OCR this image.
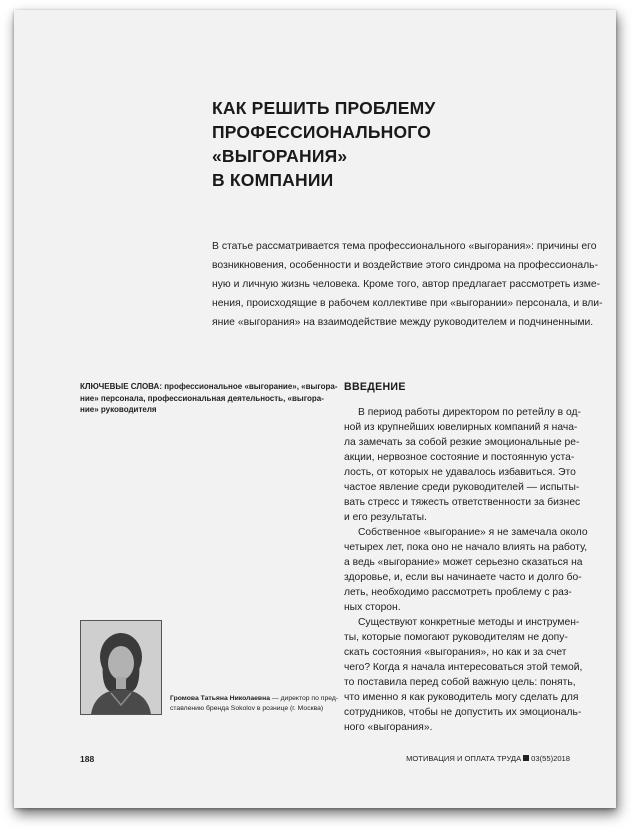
КАК РЕШИТЬ ПРОБЛЕМУ
ПРОФЕССИОНАЛЬНОГО «ВЫГОРАНИЯ»
В КОМПАНИИ

В статье рассматривается тема профессионального «выгорания»: причины его
возникновения, особенности и воздействие этого синдрома на профессиональ-
ную и личную жизнь человека. Кроме того, автор предлагает рассмотреть изме-
нения, происходящие в рабочем коллективе при «выгорании» персонала, и вли-
яние «выгорания» на взаимодействие между руководителем и подчиненными.

КЛЮЧЕВЫЕ СЛОВА: профессиональное «выгорание», «выгора-
ние» персонала, профессиональная деятельность, «выгора-
ние» руководителя
ВВЕДЕНИЕ
В период работы директором по ретейлу в од-
ной из крупнейших ювелирных компаний я нача-
ла замечать за собой резкие эмоциональные ре-
акции, нервозное состояние и постоянную уста-
лость, от которых не удавалось избавиться. Это
частое явление среди руководителей — испыты-
вать стресс и тяжесть ответственности за бизнес
и его результаты.
Собственное «выгорание» я не замечала около
четырех лет, пока оно не начало влиять на работу,
а ведь «выгорание» может серьезно сказаться на
здоровье, и, если вы начинаете часто и долго бо-
леть, необходимо рассмотреть проблему с раз-
ных сторон.
Существуют конкретные методы и инструмен-
ты, которые помогают руководителям не допу-
скать состояния «выгорания», но как и за счет
чего? Когда я начала интересоваться этой темой,
то поставила перед собой важную цель: понять,
что именно я как руководитель могу сделать для
сотрудников, чтобы не допустить их эмоциональ-
ного «выгорания».
Громова Татьяна Николаевна — директор по пред-
ставлению бренда Sokolov в рознице (г. Москва)
188	МОТИВАЦИЯ И ОПЛАТА ТРУДА 03(55)2018
